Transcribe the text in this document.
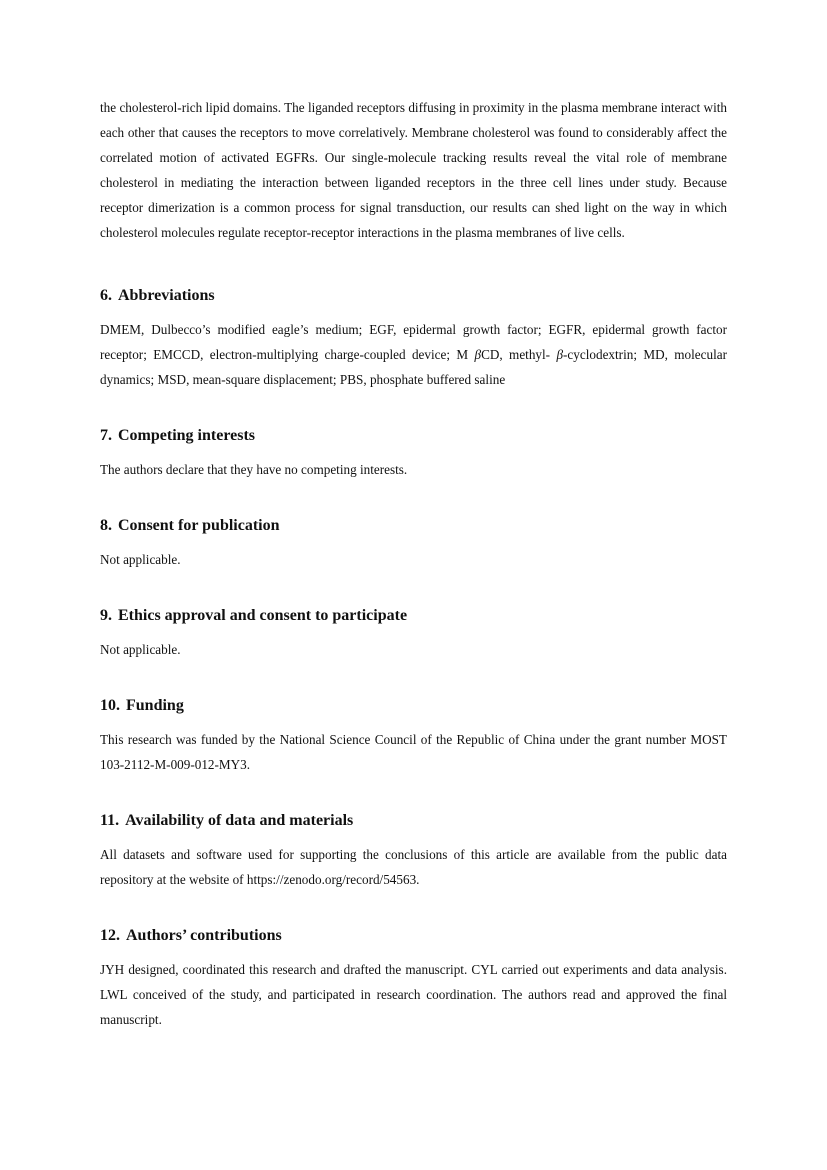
the cholesterol-rich lipid domains. The liganded receptors diffusing in proximity in the plasma membrane interact with each other that causes the receptors to move correlatively. Membrane cholesterol was found to considerably affect the correlated motion of activated EGFRs. Our single-molecule tracking results reveal the vital role of membrane cholesterol in mediating the interaction between liganded receptors in the three cell lines under study. Because receptor dimerization is a common process for signal transduction, our results can shed light on the way in which cholesterol molecules regulate receptor-receptor interactions in the plasma membranes of live cells.

6. Abbreviations

DMEM, Dulbecco’s modified eagle’s medium; EGF, epidermal growth factor; EGFR, epidermal growth factor receptor; EMCCD, electron-multiplying charge-coupled device; M βCD, methyl- β-cyclodextrin; MD, molecular dynamics; MSD, mean-square displacement; PBS, phosphate buffered saline

7. Competing interests

The authors declare that they have no competing interests.

8. Consent for publication

Not applicable.

9. Ethics approval and consent to participate

Not applicable.

10. Funding

This research was funded by the National Science Council of the Republic of China under the grant number MOST 103-2112-M-009-012-MY3.

11. Availability of data and materials

All datasets and software used for supporting the conclusions of this article are available from the public data repository at the website of https://zenodo.org/record/54563.

12. Authors’ contributions

JYH designed, coordinated this research and drafted the manuscript. CYL carried out experiments and data analysis. LWL conceived of the study, and participated in research coordination. The authors read and approved the final manuscript.
